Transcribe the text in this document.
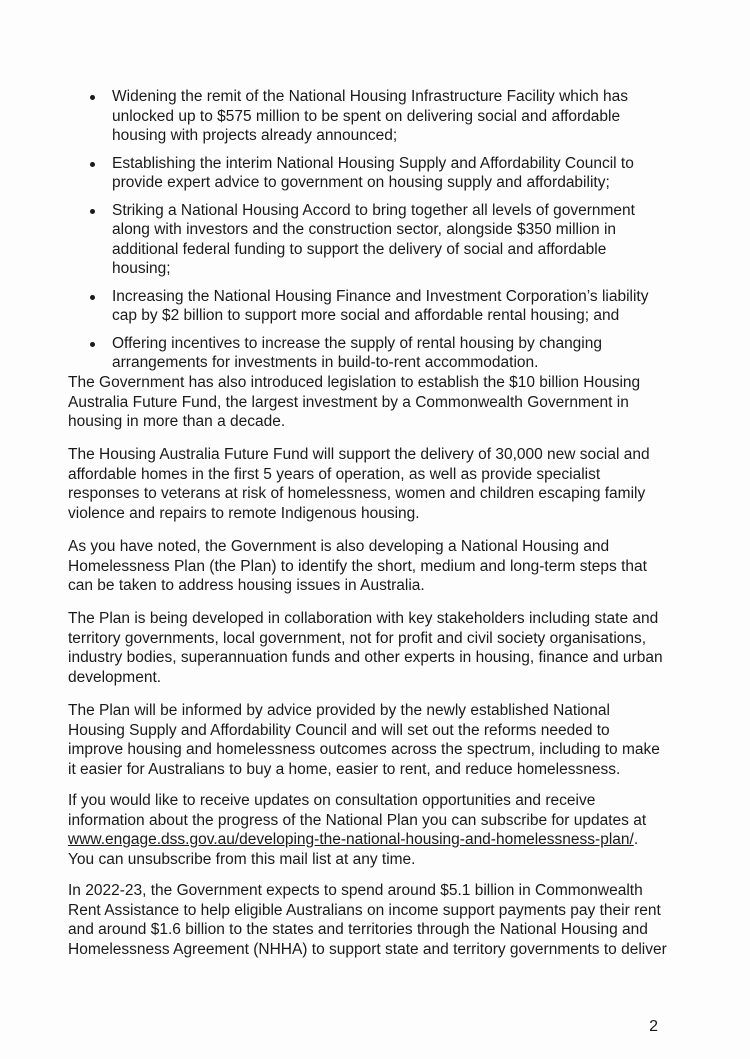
Widening the remit of the National Housing Infrastructure Facility which has unlocked up to $575 million to be spent on delivering social and affordable housing with projects already announced;
Establishing the interim National Housing Supply and Affordability Council to provide expert advice to government on housing supply and affordability;
Striking a National Housing Accord to bring together all levels of government along with investors and the construction sector, alongside $350 million in additional federal funding to support the delivery of social and affordable housing;
Increasing the National Housing Finance and Investment Corporation’s liability cap by $2 billion to support more social and affordable rental housing; and
Offering incentives to increase the supply of rental housing by changing arrangements for investments in build-to-rent accommodation.

The Government has also introduced legislation to establish the $10 billion Housing Australia Future Fund, the largest investment by a Commonwealth Government in housing in more than a decade.

The Housing Australia Future Fund will support the delivery of 30,000 new social and affordable homes in the first 5 years of operation, as well as provide specialist responses to veterans at risk of homelessness, women and children escaping family violence and repairs to remote Indigenous housing.

As you have noted, the Government is also developing a National Housing and Homelessness Plan (the Plan) to identify the short, medium and long-term steps that can be taken to address housing issues in Australia.

The Plan is being developed in collaboration with key stakeholders including state and territory governments, local government, not for profit and civil society organisations, industry bodies, superannuation funds and other experts in housing, finance and urban development.

The Plan will be informed by advice provided by the newly established National Housing Supply and Affordability Council and will set out the reforms needed to improve housing and homelessness outcomes across the spectrum, including to make it easier for Australians to buy a home, easier to rent, and reduce homelessness.

If you would like to receive updates on consultation opportunities and receive information about the progress of the National Plan you can subscribe for updates at www.engage.dss.gov.au/developing-the-national-housing-and-homelessness-plan/. You can unsubscribe from this mail list at any time.

In 2022-23, the Government expects to spend around $5.1 billion in Commonwealth Rent Assistance to help eligible Australians on income support payments pay their rent and around $1.6 billion to the states and territories through the National Housing and Homelessness Agreement (NHHA) to support state and territory governments to deliver

2
